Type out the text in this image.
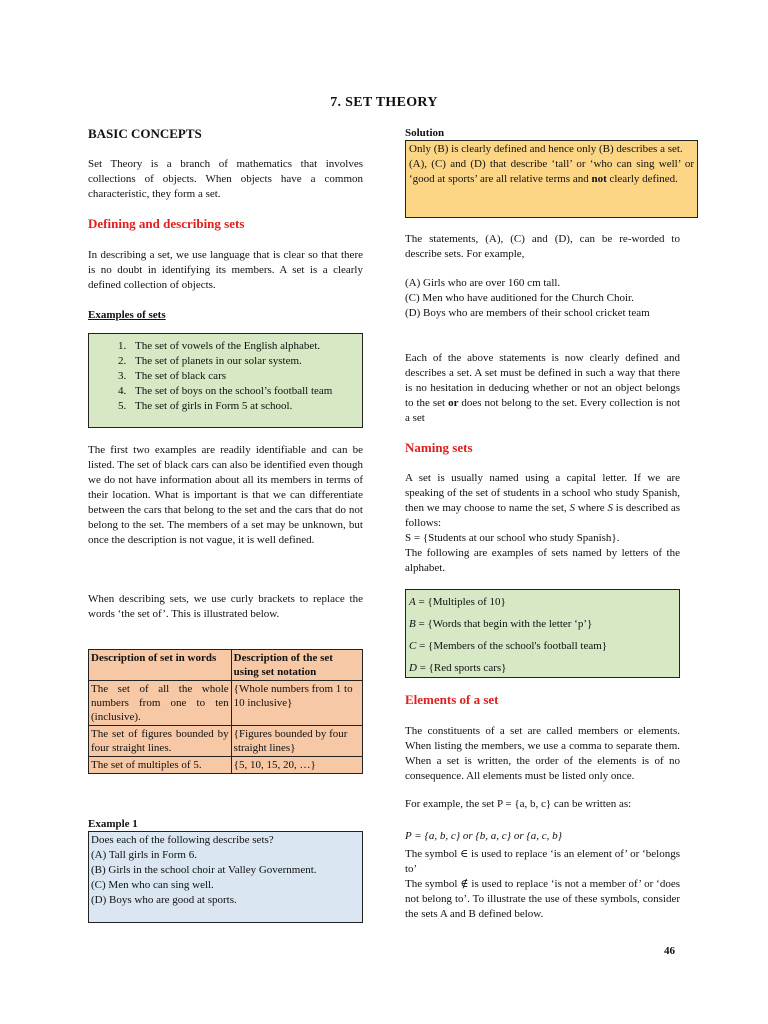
7. SET THEORY
BASIC CONCEPTS

Set Theory is a branch of mathematics that involves collections of objects. When objects have a common characteristic, they form a set.

Defining and describing sets

In describing a set, we use language that is clear so that there is no doubt in identifying its members. A set is a clearly defined collection of objects.

Examples of sets
1. The set of vowels of the English alphabet.
2. The set of planets in our solar system.
3. The set of black cars
4. The set of boys on the school’s football team
5. The set of girls in Form 5 at school.

The first two examples are readily identifiable and can be listed. The set of black cars can also be identified even though we do not have information about all its members in terms of their location. What is important is that we can differentiate between the cars that belong to the set and the cars that do not belong to the set. The members of a set may be unknown, but once the description is not vague, it is well defined.

When describing sets, we use curly brackets to replace the words ‘the set of’. This is illustrated below.

Description of set in words	Description of the set using set notation
The set of all the whole numbers from one to ten (inclusive).	{Whole numbers from 1 to 10 inclusive}
The set of figures bounded by four straight lines.	{Figures bounded by four straight lines}
The set of multiples of 5.	{5, 10, 15, 20, …}
Example 1

Does each of the following describe sets?

(A) Tall girls in Form 6.

(B) Girls in the school choir at Valley Government.

(C) Men who can sing well.

(D) Boys who are good at sports.

Solution

Only (B) is clearly defined and hence only (B) describes a set.

(A), (C) and (D) that describe ‘tall’ or ‘who can sing well’ or ‘good at sports’ are all relative terms and not clearly defined.

The statements, (A), (C) and (D), can be re-worded to describe sets. For example,

(A) Girls who are over 160 cm tall.

(C) Men who have auditioned for the Church Choir.

(D) Boys who are members of their school cricket team

Each of the above statements is now clearly defined and describes a set. A set must be defined in such a way that there is no hesitation in deducing whether or not an object belongs to the set or does not belong to the set. Every collection is not a set

Naming sets

A set is usually named using a capital letter. If we are speaking of the set of students in a school who study Spanish, then we may choose to name the set, S where S is described as follows:

S = {Students at our school who study Spanish}.

The following are examples of sets named by letters of the alphabet.

A = {Multiples of 10}
B = {Words that begin with the letter ‘p’}
C = {Members of the school's football team}
D = {Red sports cars}
Elements of a set

The constituents of a set are called members or elements. When listing the members, we use a comma to separate them. When a set is written, the order of the elements is of no consequence. All elements must be listed only once.

For example, the set P = {a, b, c} can be written as:

P = {a, b, c} or {b, a, c} or {a, c, b}

The symbol ∈ is used to replace ‘is an element of’ or ‘belongs to’

The symbol ∉ is used to replace ‘is not a member of’ or ‘does not belong to’. To illustrate the use of these symbols, consider the sets A and B defined below.

46
